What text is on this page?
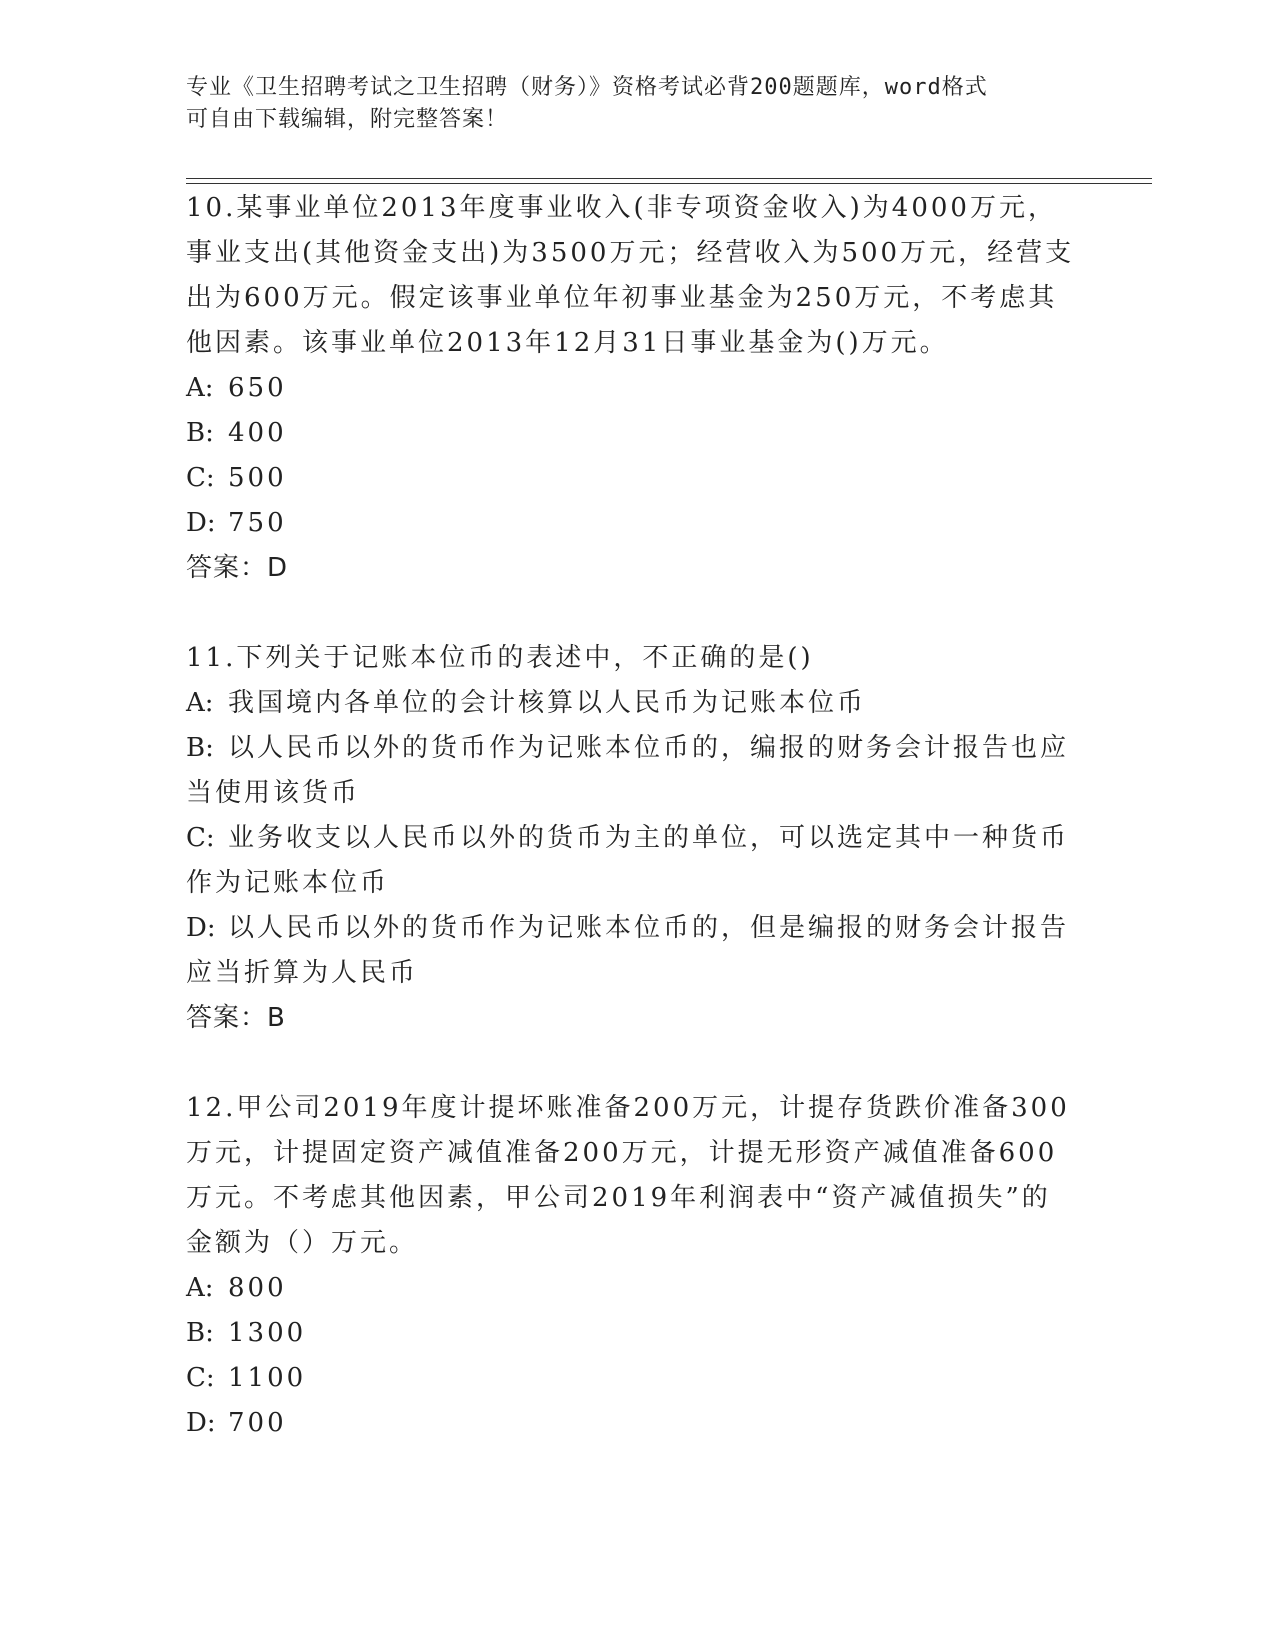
专业《卫生招聘考试之卫生招聘（财务）》资格考试必背200题题库，word格式
可自由下载编辑，附完整答案！
10.某事业单位2013年度事业收入(非专项资金收入)为4000万元，事业支出(其他资金支出)为3500万元；经营收入为500万元，经营支出为600万元。假定该事业单位年初事业基金为250万元，不考虑其他因素。该事业单位2013年12月31日事业基金为()万元。
A: 650
B: 400
C: 500
D: 750
答案：D
11.下列关于记账本位币的表述中，不正确的是()
A: 我国境内各单位的会计核算以人民币为记账本位币
B: 以人民币以外的货币作为记账本位币的，编报的财务会计报告也应当使用该货币
C: 业务收支以人民币以外的货币为主的单位，可以选定其中一种货币作为记账本位币
D: 以人民币以外的货币作为记账本位币的，但是编报的财务会计报告应当折算为人民币
答案：B
12.甲公司2019年度计提坏账准备200万元，计提存货跌价准备300万元，计提固定资产减值准备200万元，计提无形资产减值准备600万元。不考虑其他因素，甲公司2019年利润表中“资产减值损失”的金额为（）万元。
A: 800
B: 1300
C: 1100
D: 700
